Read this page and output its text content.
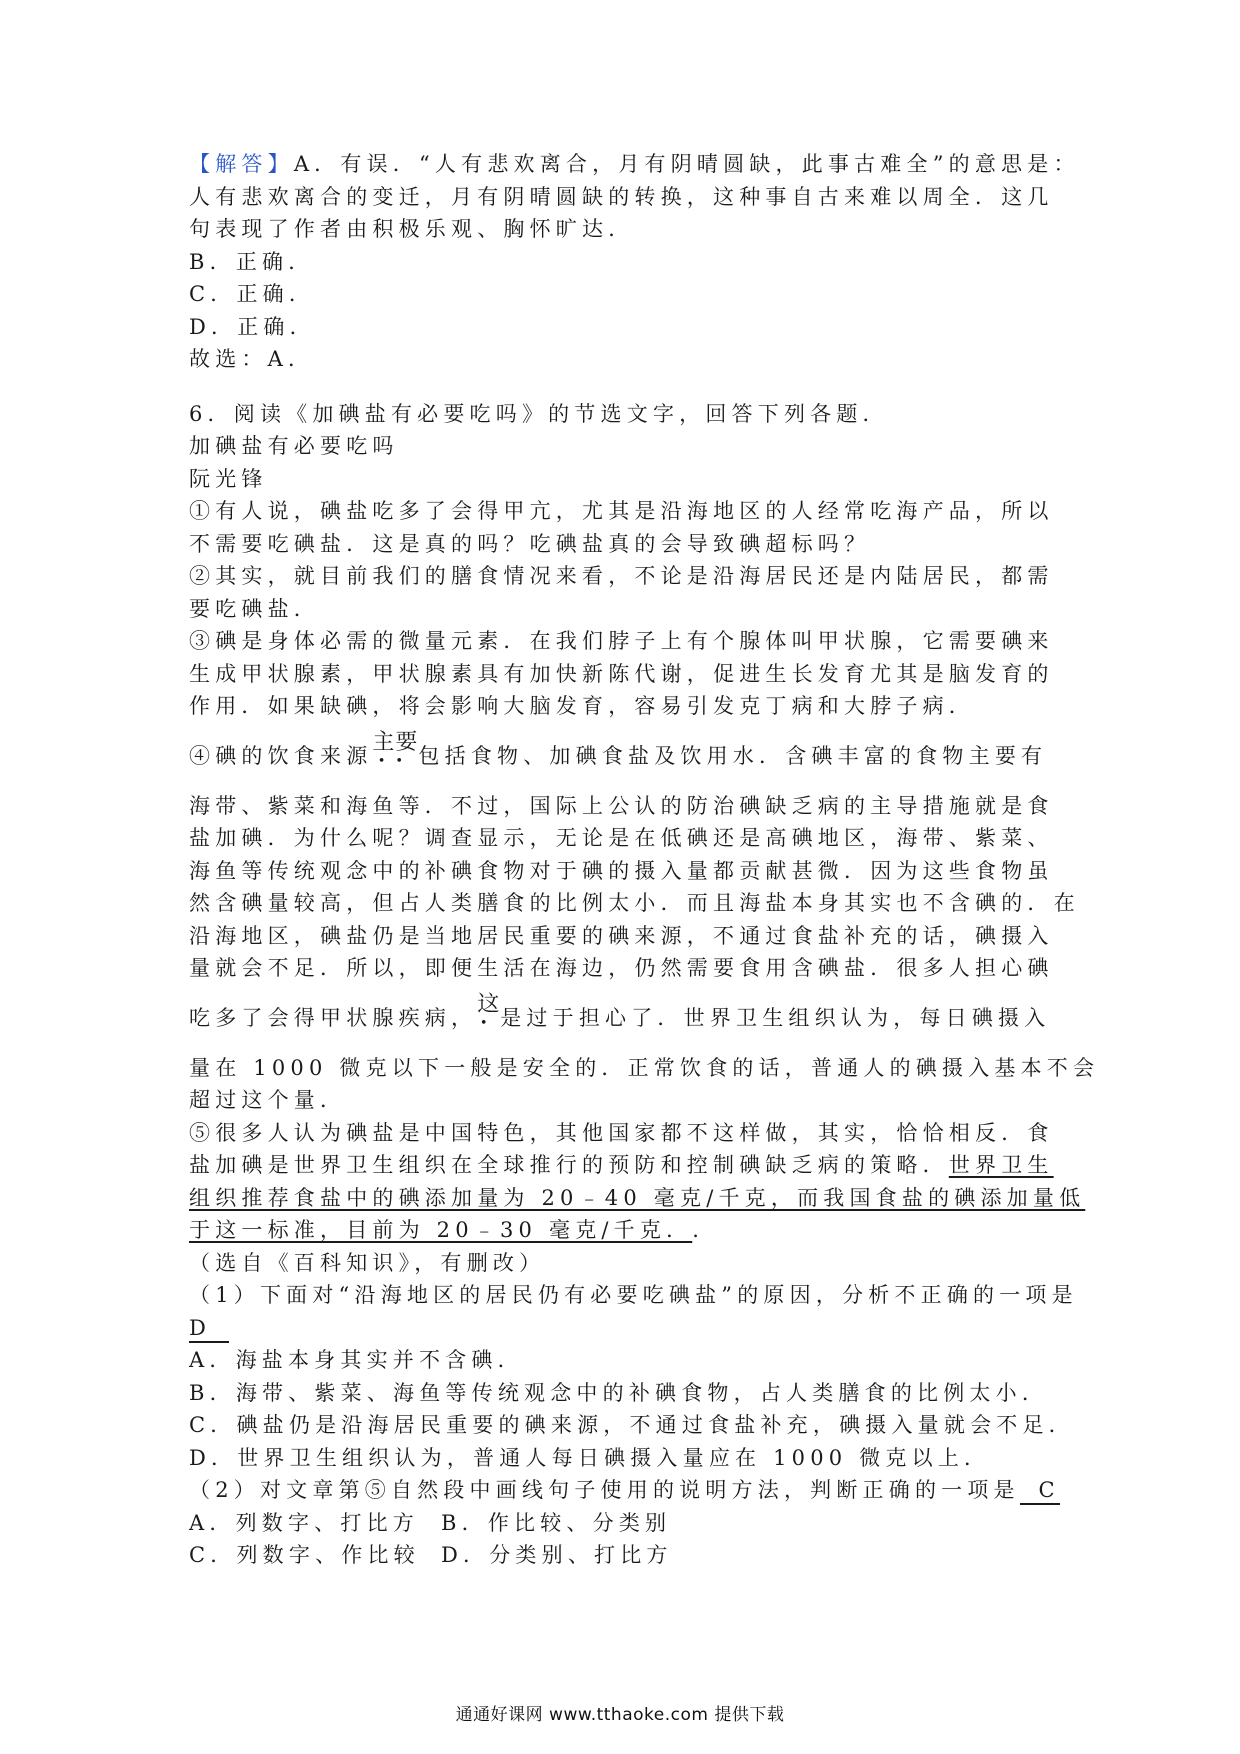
【解答】A．有误．“人有悲欢离合，月有阴晴圆缺，此事古难全”的意思是：
人有悲欢离合的变迁，月有阴晴圆缺的转换，这种事自古来难以周全．这几
句表现了作者由积极乐观、胸怀旷达．
B．正确．
C．正确．
D．正确．
故选：A．
6．阅读《加碘盐有必要吃吗》的节选文字，回答下列各题．
加碘盐有必要吃吗
阮光锋
①有人说，碘盐吃多了会得甲亢，尤其是沿海地区的人经常吃海产品，所以
不需要吃碘盐．这是真的吗？吃碘盐真的会导致碘超标吗？
②其实，就目前我们的膳食情况来看，不论是沿海居民还是内陆居民，都需
要吃碘盐．
③碘是身体必需的微量元素．在我们脖子上有个腺体叫甲状腺，它需要碘来
生成甲状腺素，甲状腺素具有加快新陈代谢，促进生长发育尤其是脑发育的
作用．如果缺碘，将会影响大脑发育，容易引发克丁病和大脖子病．
④碘的饮食来源主要
•• 包括食物、加碘食盐及饮用水．含碘丰富的食物主要有
海带、紫菜和海鱼等．不过，国际上公认的防治碘缺乏病的主导措施就是食
盐加碘．为什么呢？调查显示，无论是在低碘还是高碘地区，海带、紫菜、
海鱼等传统观念中的补碘食物对于碘的摄入量都贡献甚微．因为这些食物虽
然含碘量较高，但占人类膳食的比例太小．而且海盐本身其实也不含碘的．在
沿海地区，碘盐仍是当地居民重要的碘来源，不通过食盐补充的话，碘摄入
量就会不足．所以，即便生活在海边，仍然需要食用含碘盐．很多人担心碘
吃多了会得甲状腺疾病，这
• 是过于担心了．世界卫生组织认为，每日碘摄入
量在 1000 微克以下一般是安全的．正常饮食的话，普通人的碘摄入基本不会
超过这个量．
⑤很多人认为碘盐是中国特色，其他国家都不这样做，其实，恰恰相反．食
盐加碘是世界卫生组织在全球推行的预防和控制碘缺乏病的策略．世界卫生
组织推荐食盐中的碘添加量为 20﹣40 毫克/千克，而我国食盐的碘添加量低
于这一标准，目前为 20﹣30 毫克/千克．.
（选自《百科知识》，有删改）
（1）下面对“沿海地区的居民仍有必要吃碘盐”的原因，分析不正确的一项是
D
A．海盐本身其实并不含碘．
B．海带、紫菜、海鱼等传统观念中的补碘食物，占人类膳食的比例太小．
C．碘盐仍是沿海居民重要的碘来源，不通过食盐补充，碘摄入量就会不足．
D．世界卫生组织认为，普通人每日碘摄入量应在 1000 微克以上．
（2）对文章第⑤自然段中画线句子使用的说明方法，判断正确的一项是 C
A．列数字、打比方 B．作比较、分类别
C．列数字、作比较 D．分类别、打比方
通通好课网 www.tthaoke.com 提供下载
